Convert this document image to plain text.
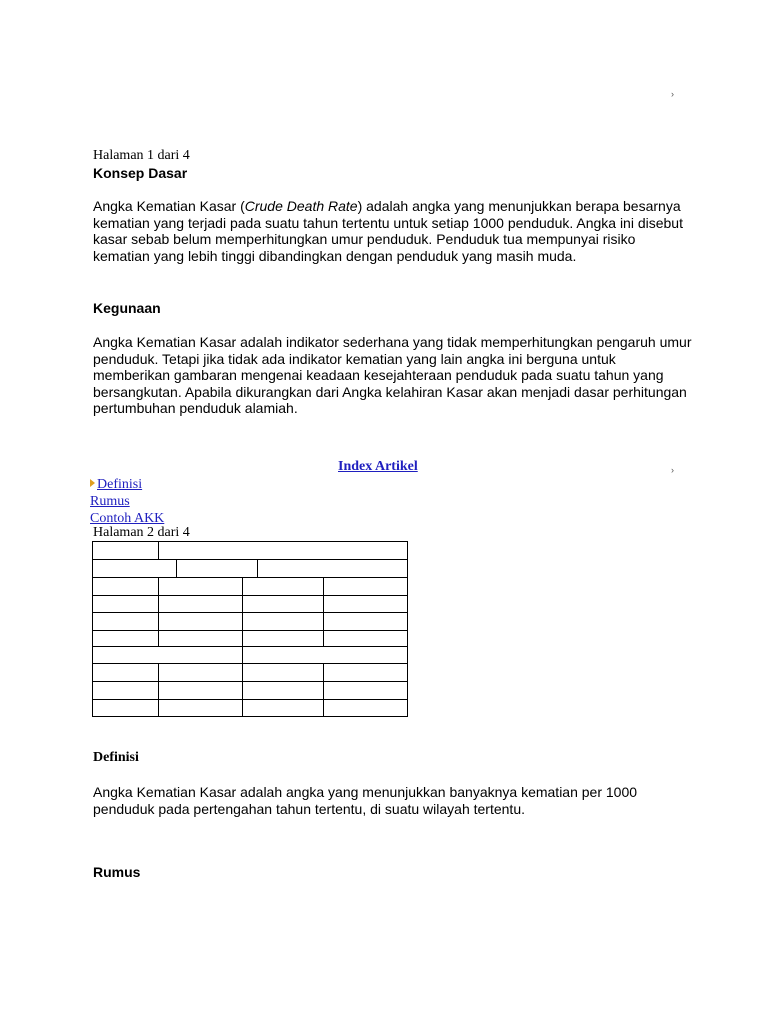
›
›
Halaman 1 dari 4
Konsep Dasar
Angka Kematian Kasar (Crude Death Rate) adalah angka yang menunjukkan berapa besarnya kematian yang terjadi pada suatu tahun tertentu untuk setiap 1000 penduduk. Angka ini disebut kasar sebab belum memperhitungkan umur penduduk. Penduduk tua mempunyai risiko kematian yang lebih tinggi dibandingkan dengan penduduk yang masih muda.
Kegunaan
Angka Kematian Kasar adalah indikator sederhana yang tidak memperhitungkan pengaruh umur penduduk. Tetapi jika tidak ada indikator kematian yang lain angka ini berguna untuk memberikan gambaran mengenai keadaan kesejahteraan penduduk pada suatu tahun yang bersangkutan. Apabila dikurangkan dari Angka kelahiran Kasar akan menjadi dasar perhitungan pertumbuhan penduduk alamiah.
Index Artikel
Definisi
Rumus
Contoh AKK
Halaman 2 dari 4
Definisi
Angka Kematian Kasar adalah angka yang menunjukkan banyaknya kematian per 1000 penduduk pada pertengahan tahun tertentu, di suatu wilayah tertentu.
Rumus
